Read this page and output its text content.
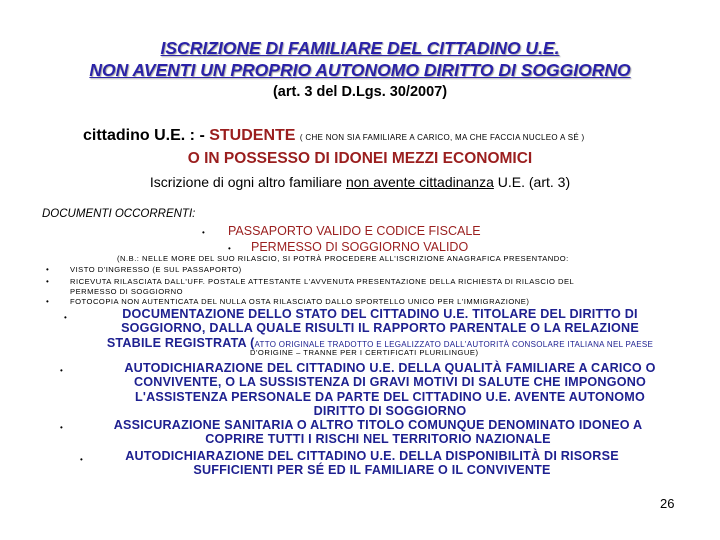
ISCRIZIONE DI FAMILIARE DEL CITTADINO U.E.
NON AVENTI UN PROPRIO AUTONOMO DIRITTO DI SOGGIORNO
(art. 3 del D.Lgs. 30/2007)
cittadino U.E. : - STUDENTE ( CHE NON SIA FAMILIARE A CARICO, MA CHE FACCIA NUCLEO A SÉ )
O IN POSSESSO DI IDONEI MEZZI ECONOMICI
Iscrizione di ogni altro familiare non avente cittadinanza U.E. (art. 3)
DOCUMENTI OCCORRENTI:
• PASSAPORTO VALIDO E CODICE FISCALE
• PERMESSO DI SOGGIORNO VALIDO
(N.B.: NELLE MORE DEL SUO RILASCIO, SI POTRÀ PROCEDERE ALL'ISCRIZIONE ANAGRAFICA PRESENTANDO:
•	VISTO D'INGRESSO (E SUL PASSAPORTO)
•	RICEVUTA RILASCIATA DALL'UFF. POSTALE ATTESTANTE L'AVVENUTA PRESENTAZIONE DELLA RICHIESTA DI RILASCIO DEL
PERMESSO DI SOGGIORNO
•	FOTOCOPIA NON AUTENTICATA DEL NULLA OSTA RILASCIATO DALLO SPORTELLO UNICO PER L'IMMIGRAZIONE)
•	DOCUMENTAZIONE DELLO STATO DEL CITTADINO U.E. TITOLARE DEL DIRITTO DI
SOGGIORNO, DALLA QUALE RISULTI IL RAPPORTO PARENTALE O LA RELAZIONE
STABILE REGISTRATA (ATTO ORIGINALE TRADOTTO E LEGALIZZATO DALL'AUTORITÀ CONSOLARE ITALIANA NEL PAESE
D'ORIGINE – TRANNE PER I CERTIFICATI PLURILINGUE)
•	AUTODICHIARAZIONE DEL CITTADINO U.E. DELLA QUALITÀ FAMILIARE A CARICO O
CONVIVENTE, O LA SUSSISTENZA DI GRAVI MOTIVI DI SALUTE CHE IMPONGONO
L'ASSISTENZA PERSONALE DA PARTE DEL CITTADINO U.E. AVENTE AUTONOMO
DIRITTO DI SOGGIORNO
•	ASSICURAZIONE SANITARIA O ALTRO TITOLO COMUNQUE DENOMINATO IDONEO A
COPRIRE TUTTI I RISCHI NEL TERRITORIO NAZIONALE
•	AUTODICHIARAZIONE DEL CITTADINO U.E. DELLA DISPONIBILITÀ DI RISORSE
SUFFICIENTI PER SÉ ED IL FAMILIARE O IL CONVIVENTE
26
